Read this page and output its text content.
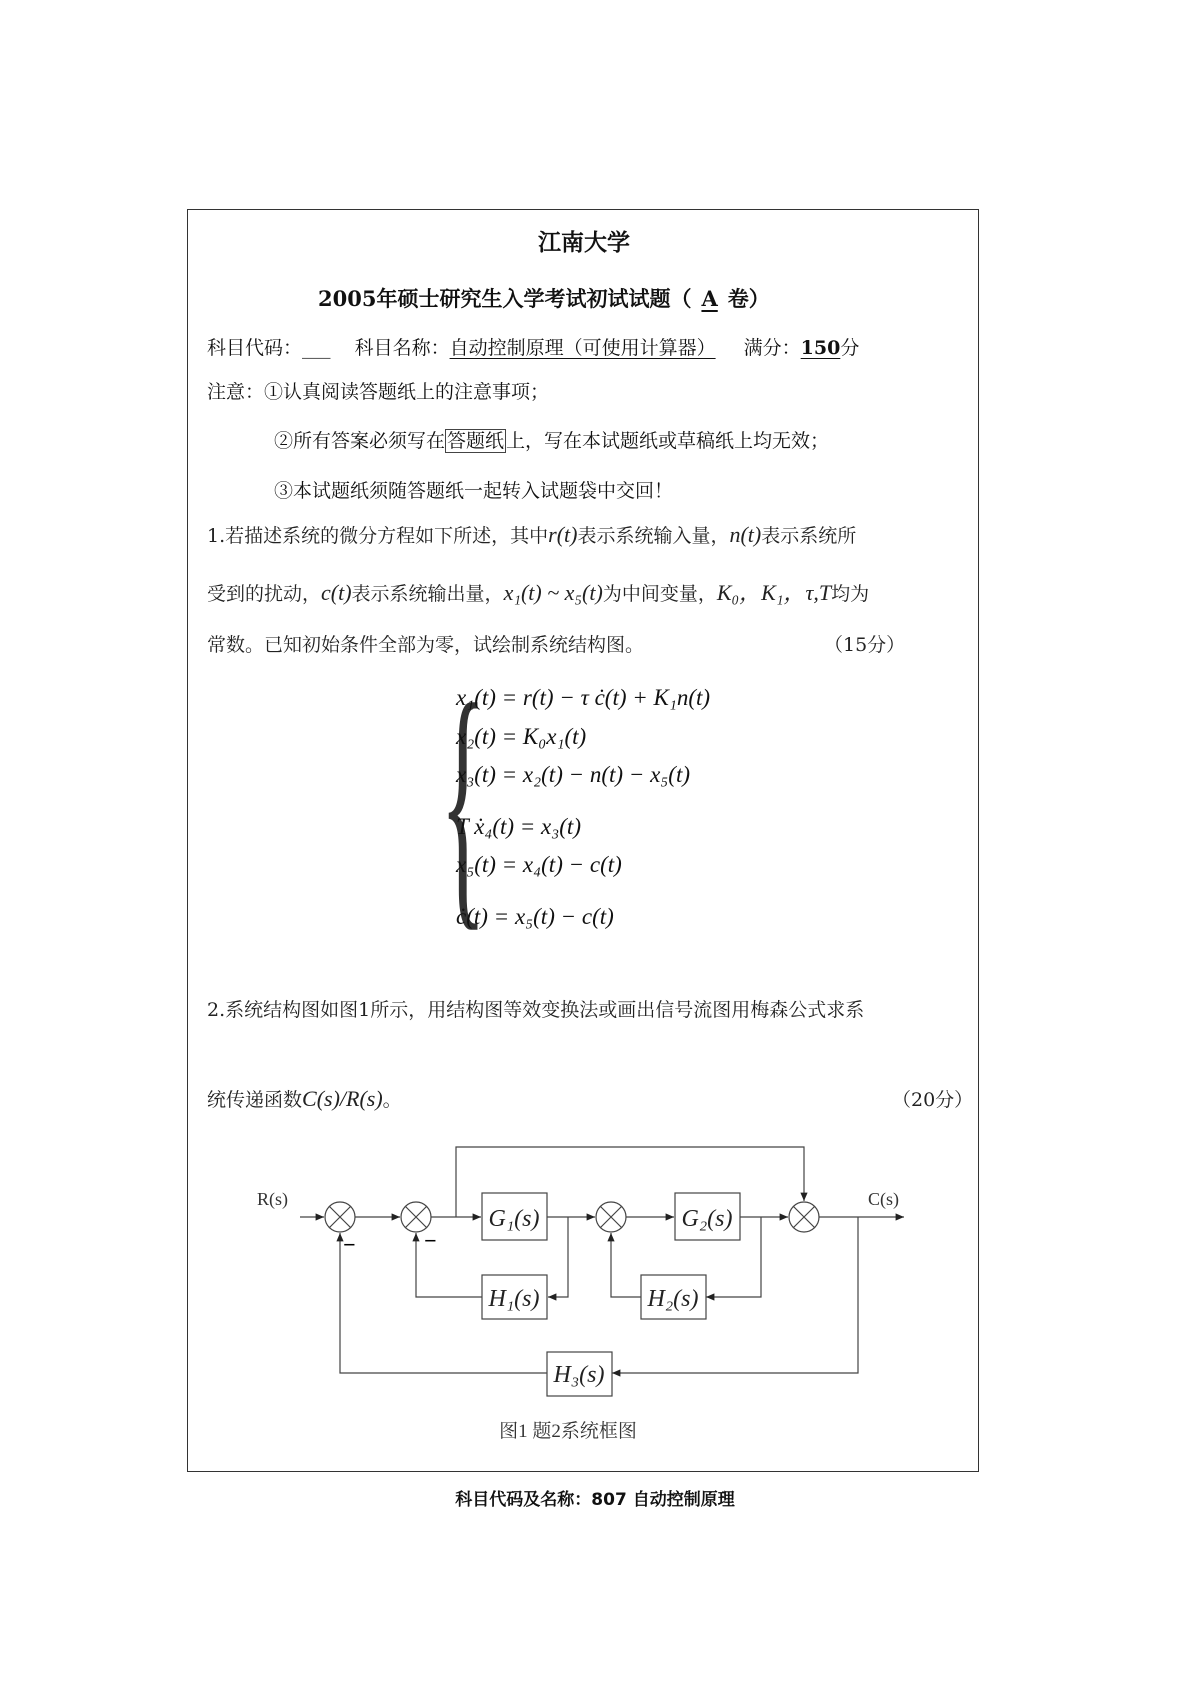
江南大学
2005年硕士研究生入学考试初试试题（ A 卷）
科目代码：___ 科目名称：自动控制原理（可使用计算器） 满分：150分
注意：①认真阅读答题纸上的注意事项；
②所有答案必须写在 答题纸 上，写在本试题纸或草稿纸上均无效；
③本试题纸须随答题纸一起转入试题袋中交回！
1.若描述系统的微分方程如下所述，其中r(t)表示系统输入量，n(t)表示系统所
受到的扰动，c(t)表示系统输出量，x₁(t) ~ x₅(t)为中间变量，K₀，K₁，τ,T均为
常数。已知初始条件全部为零，试绘制系统结构图。	（15分）
{
x₁(t) = r(t) − τ ċ(t) + K₁n(t)
x₂(t) = K₀x₁(t)
x₃(t) = x₂(t) − n(t) − x₅(t)
T ẋ₄(t) = x₃(t)
x₅(t) = x₄(t) − c(t)
ċ(t) = x₅(t) − c(t)
2.系统结构图如图1所示，用结构图等效变换法或画出信号流图用梅森公式求系
统传递函数C(s)/R(s)。	（20分）
G₁(s)	G₂(s)
H₁(s)	H₂(s)
H₃(s)
R(s)	C(s)
−	−
图1 题2系统框图
科目代码及名称：807 自动控制原理
